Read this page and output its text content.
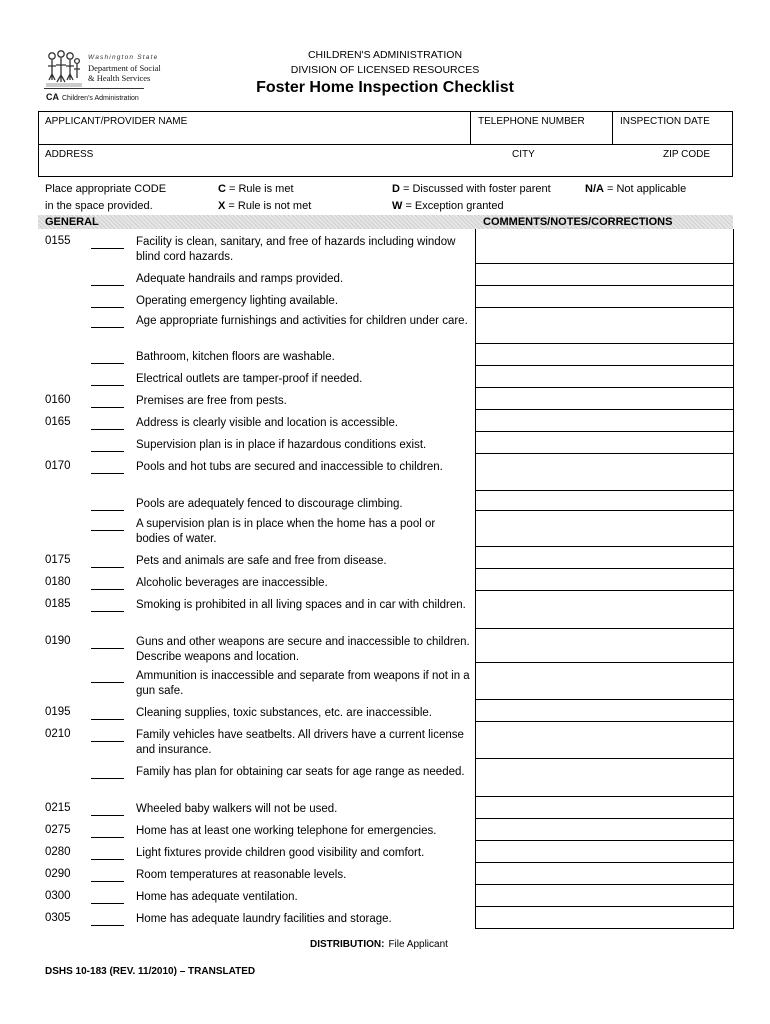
Washington State
Department of Social
& Health Services
CA Children's Administration
CHILDREN'S ADMINISTRATION
DIVISION OF LICENSED RESOURCES
Foster Home Inspection Checklist
APPLICANT/PROVIDER NAME	TELEPHONE NUMBER	INSPECTION DATE
ADDRESS	CITY	ZIP CODE
Place appropriate CODE
in the space provided.
C = Rule is met
X = Rule is not met
D = Discussed with foster parent
W = Exception granted
N/A = Not applicable
GENERAL	COMMENTS/NOTES/CORRECTIONS
0155	Facility is clean, sanitary, and free of hazards including window blind cord hazards.
Adequate handrails and ramps provided.
Operating emergency lighting available.
Age appropriate furnishings and activities for children under care.
Bathroom, kitchen floors are washable.
Electrical outlets are tamper-proof if needed.
0160	Premises are free from pests.
0165	Address is clearly visible and location is accessible.
Supervision plan is in place if hazardous conditions exist.
0170	Pools and hot tubs are secured and inaccessible to children.
Pools are adequately fenced to discourage climbing.
A supervision plan is in place when the home has a pool or bodies of water.
0175	Pets and animals are safe and free from disease.
0180	Alcoholic beverages are inaccessible.
0185	Smoking is prohibited in all living spaces and in car with children.
0190	Guns and other weapons are secure and inaccessible to children. Describe weapons and location.
Ammunition is inaccessible and separate from weapons if not in a gun safe.
0195	Cleaning supplies, toxic substances, etc. are inaccessible.
0210	Family vehicles have seatbelts. All drivers have a current license and insurance.
Family has plan for obtaining car seats for age range as needed.
0215	Wheeled baby walkers will not be used.
0275	Home has at least one working telephone for emergencies.
0280	Light fixtures provide children good visibility and comfort.
0290	Room temperatures at reasonable levels.
0300	Home has adequate ventilation.
0305	Home has adequate laundry facilities and storage.
DISTRIBUTION: File Applicant
DSHS 10-183 (REV. 11/2010) – TRANSLATED
